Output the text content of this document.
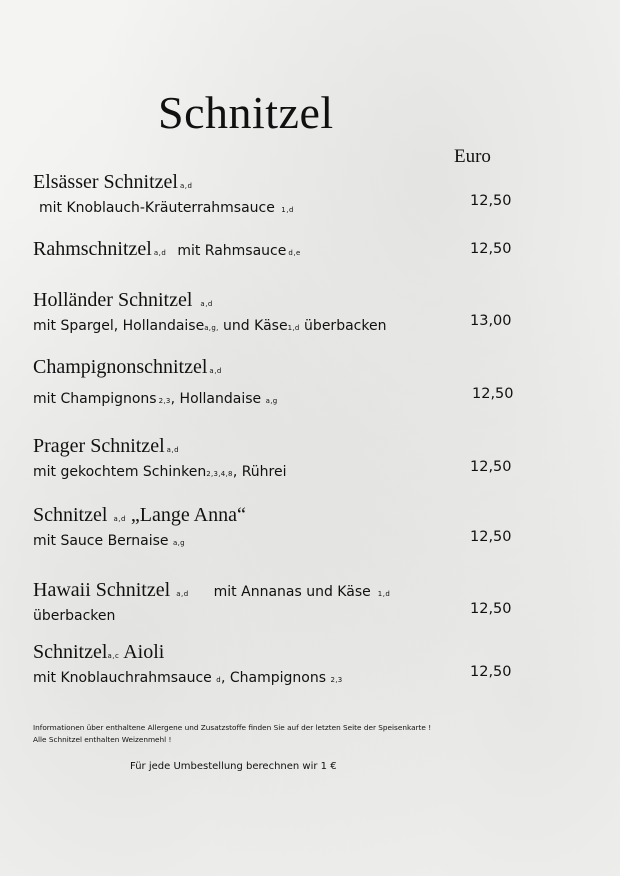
Schnitzel
Euro
Elsässer Schnitzel a,d
mit Knoblauch-Kräuterrahmsauce 1,d
12,50
Rahmschnitzel a,d mit Rahmsauce d,e	12,50
Holländer Schnitzel a,d
mit Spargel, Hollandaisea,g, und Käse1,d überbacken	13,00
Champignonschnitzel a,d
mit Champignons 2,3, Hollandaise a,g	12,50
Prager Schnitzel a,d
mit gekochtem Schinken2,3,4,8, Rührei	12,50
Schnitzel a,d „Lange Anna“
mit Sauce Bernaise a,g	12,50
Hawaii Schnitzel a,d mit Annanas und Käse 1,d
überbacken	12,50
Schnitzela,c Aioli
mit Knoblauchrahmsauce d, Champignons 2,3	12,50
Informationen über enthaltene Allergene und Zusatzstoffe finden Sie auf der letzten Seite der Speisenkarte !
Alle Schnitzel enthalten Weizenmehl !
Für jede Umbestellung berechnen wir 1 €
